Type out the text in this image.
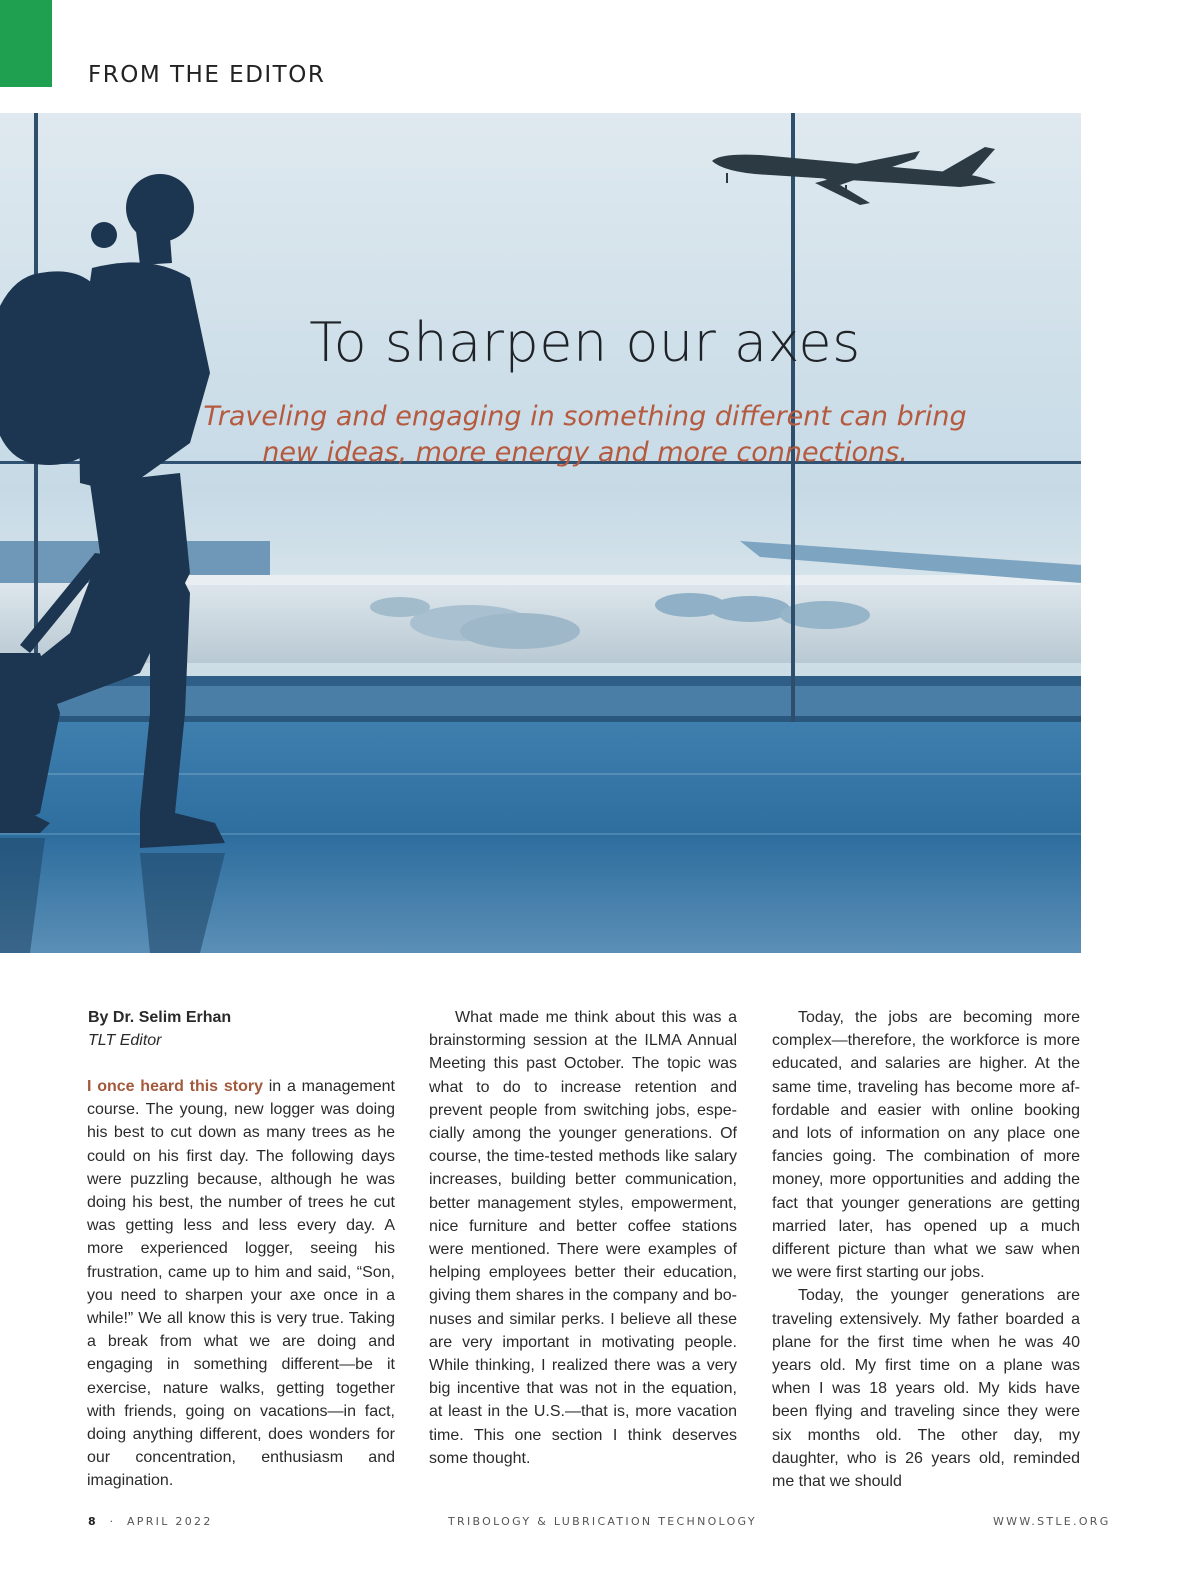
FROM THE EDITOR
To sharpen our axes
Traveling and engaging in something different can bring
new ideas, more energy and more connections.
By Dr. Selim Erhan
TLT Editor

I once heard this story in a management course. The young, new logger was doing his best to cut down as many trees as he could on his first day. The following days were puzzling because, although he was doing his best, the number of trees he cut was getting less and less every day. A more experienced logger, seeing his frustration, came up to him and said, “Son, you need to sharpen your axe once in a while!” We all know this is very true. Taking a break from what we are doing and engaging in something different—be it exercise, nature walks, getting together with friends, going on vacations—in fact, doing anything different, does wonders for our concentration, enthusiasm and imagination.

What made me think about this was a brainstorming session at the ILMA Annual Meeting this past October. The topic was what to do to increase retention and prevent people from switching jobs, especially among the younger generations. Of course, the time-tested methods like salary increases, building better communication, better management styles, empowerment, nice furniture and better coffee stations were mentioned. There were examples of helping employees better their education, giving them shares in the company and bonuses and similar perks. I believe all these are very important in motivating people. While thinking, I realized there was a very big incentive that was not in the equation, at least in the U.S.—that is, more vacation time. This one section I think deserves some thought.

Today, the jobs are becoming more complex—therefore, the workforce is more educated, and salaries are higher. At the same time, traveling has become more affordable and easier with online booking and lots of information on any place one fancies going. The combination of more money, more opportunities and adding the fact that younger generations are getting married later, has opened up a much different picture than what we saw when we were first starting our jobs.

Today, the younger generations are traveling extensively. My father boarded a plane for the first time when he was 40 years old. My first time on a plane was when I was 18 years old. My kids have been flying and traveling since they were six months old. The other day, my daughter, who is 26 years old, reminded me that we should

8 · APRIL 2022	TRIBOLOGY & LUBRICATION TECHNOLOGY	WWW.STLE.ORG
